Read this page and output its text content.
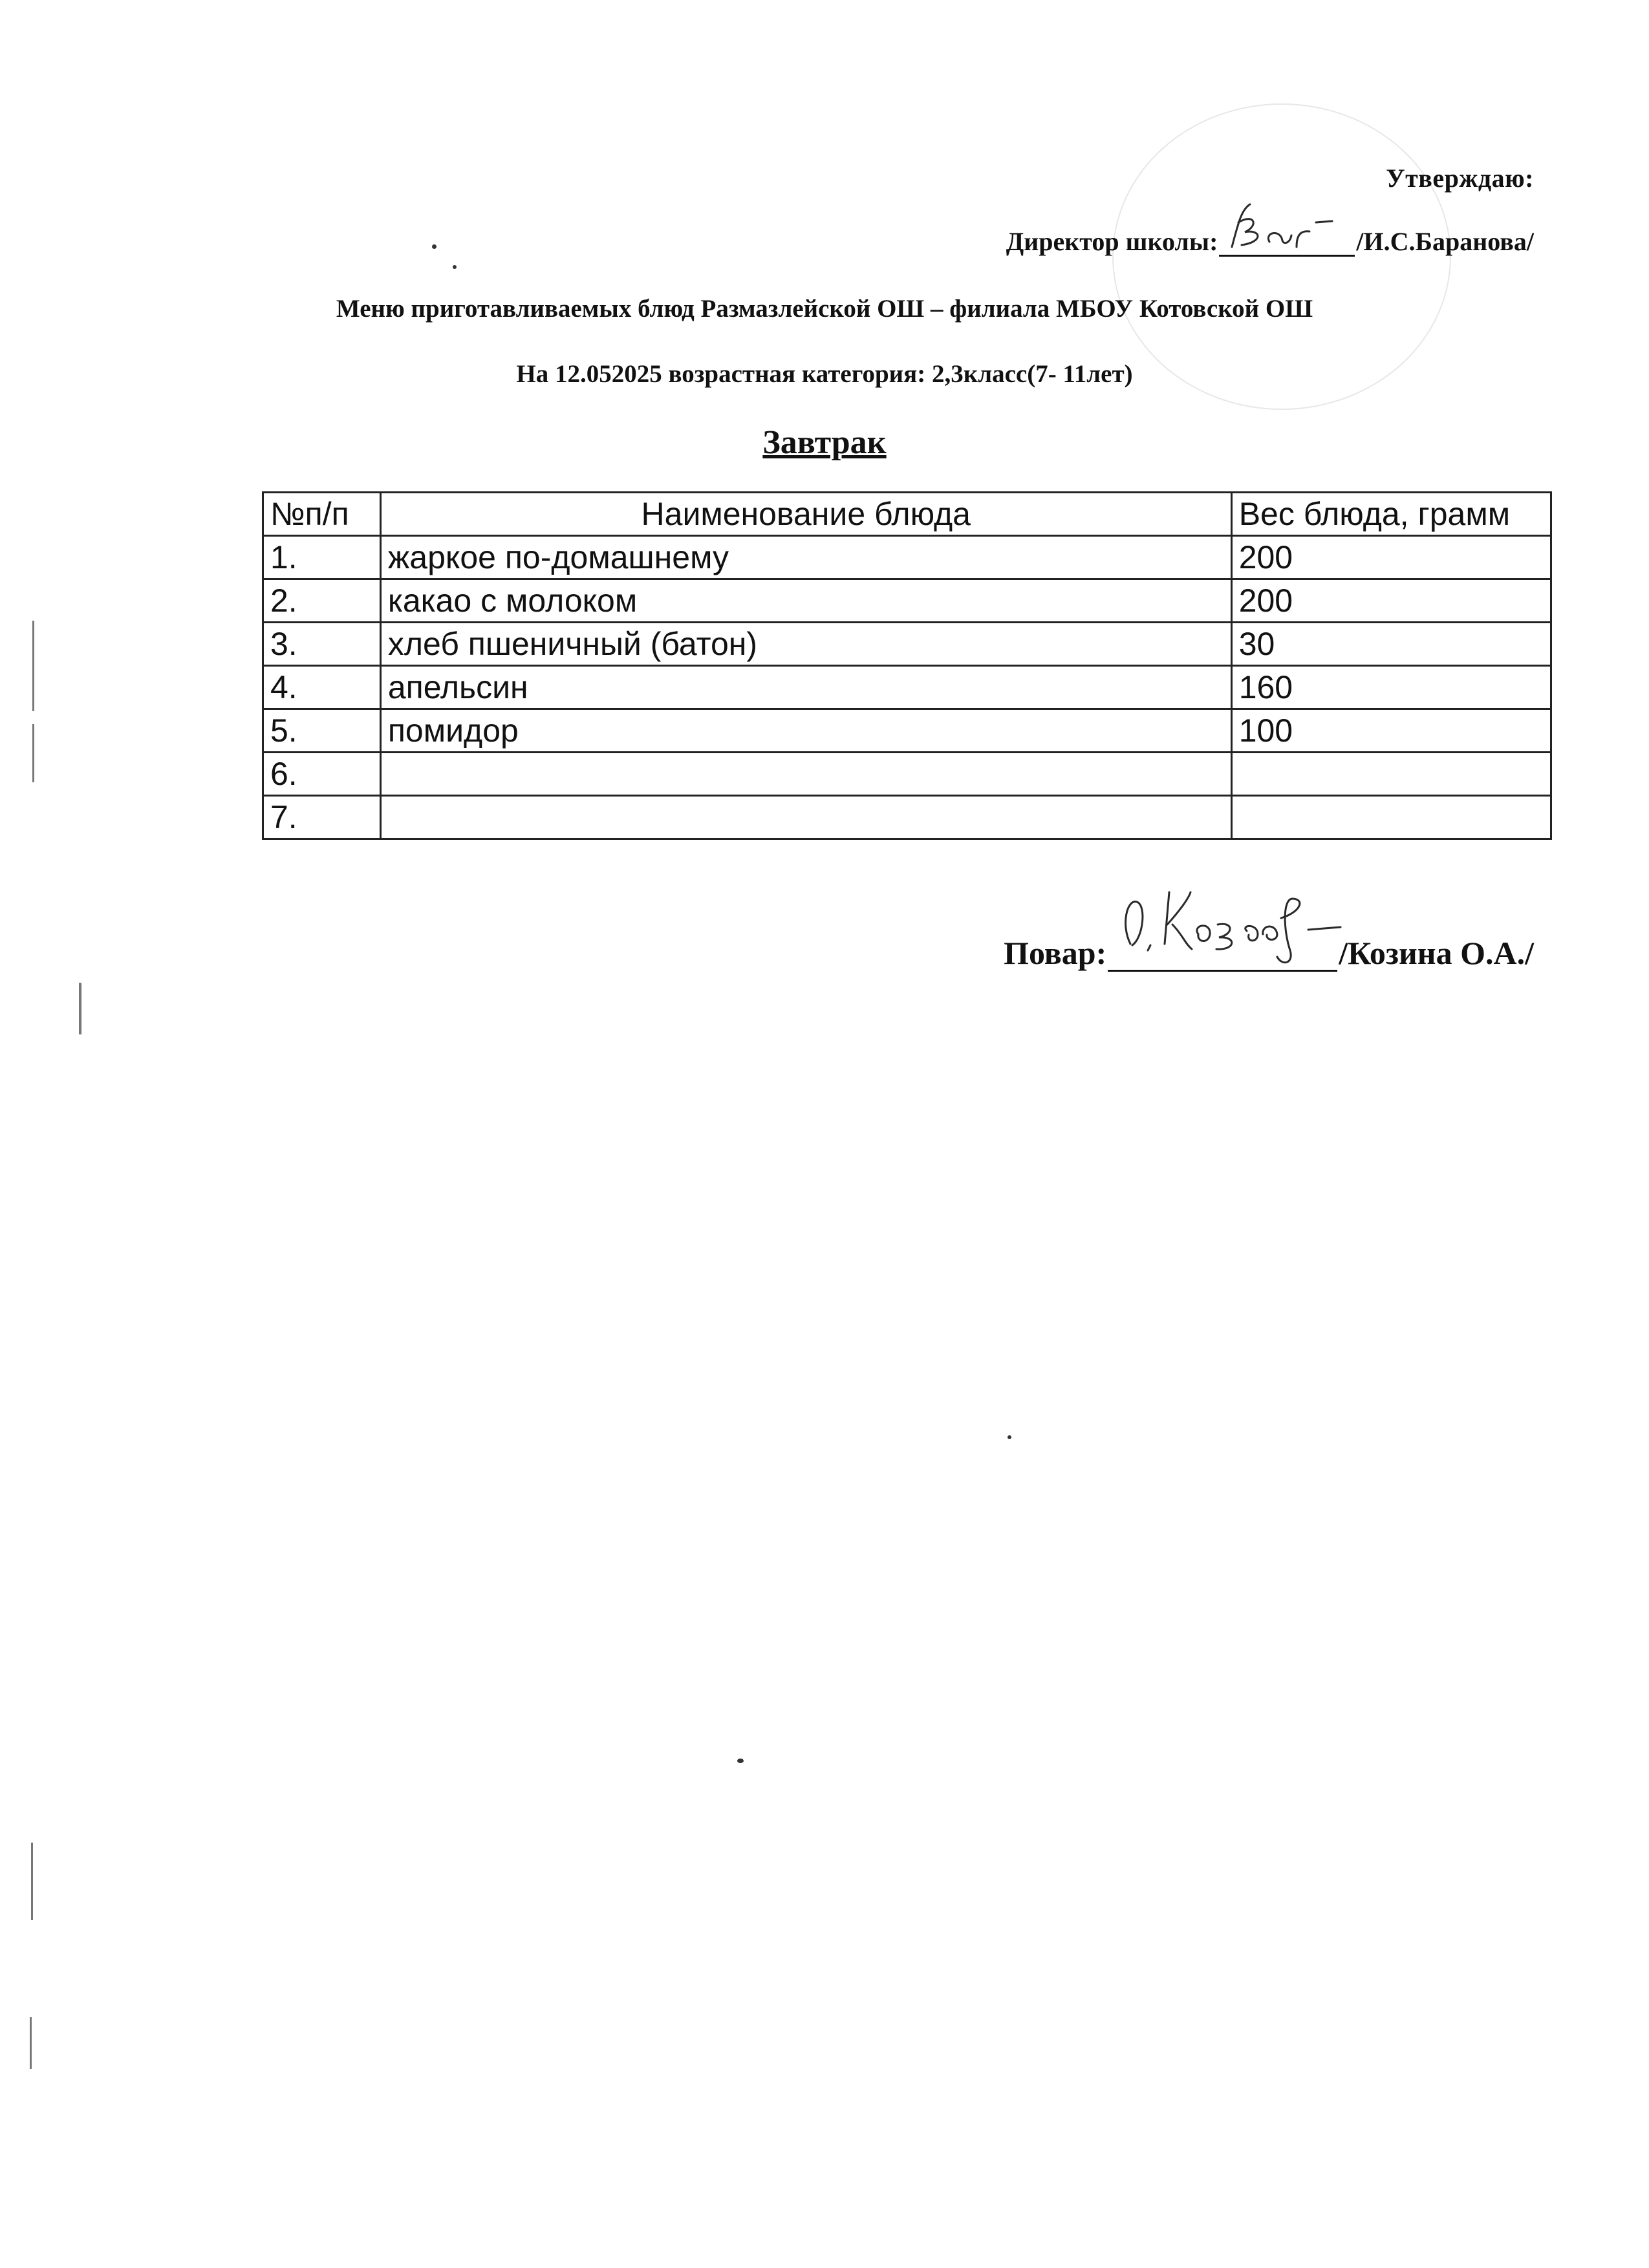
Утверждаю:
Директор школы:	/И.С.Баранова/
Меню приготавливаемых блюд Размазлейской ОШ – филиала МБОУ Котовской ОШ
На 12.052025 возрастная категория: 2,3класс(7- 11лет)
Завтрак
№п/п	Наименование блюда	Вес блюда, грамм
1.	жаркое по-домашнему	200
2.	какао с молоком	200
3.	хлеб пшеничный (батон)	30
4.	апельсин	160
5.	помидор	100
6.		
7.		
Повар:	/Козина О.А./
